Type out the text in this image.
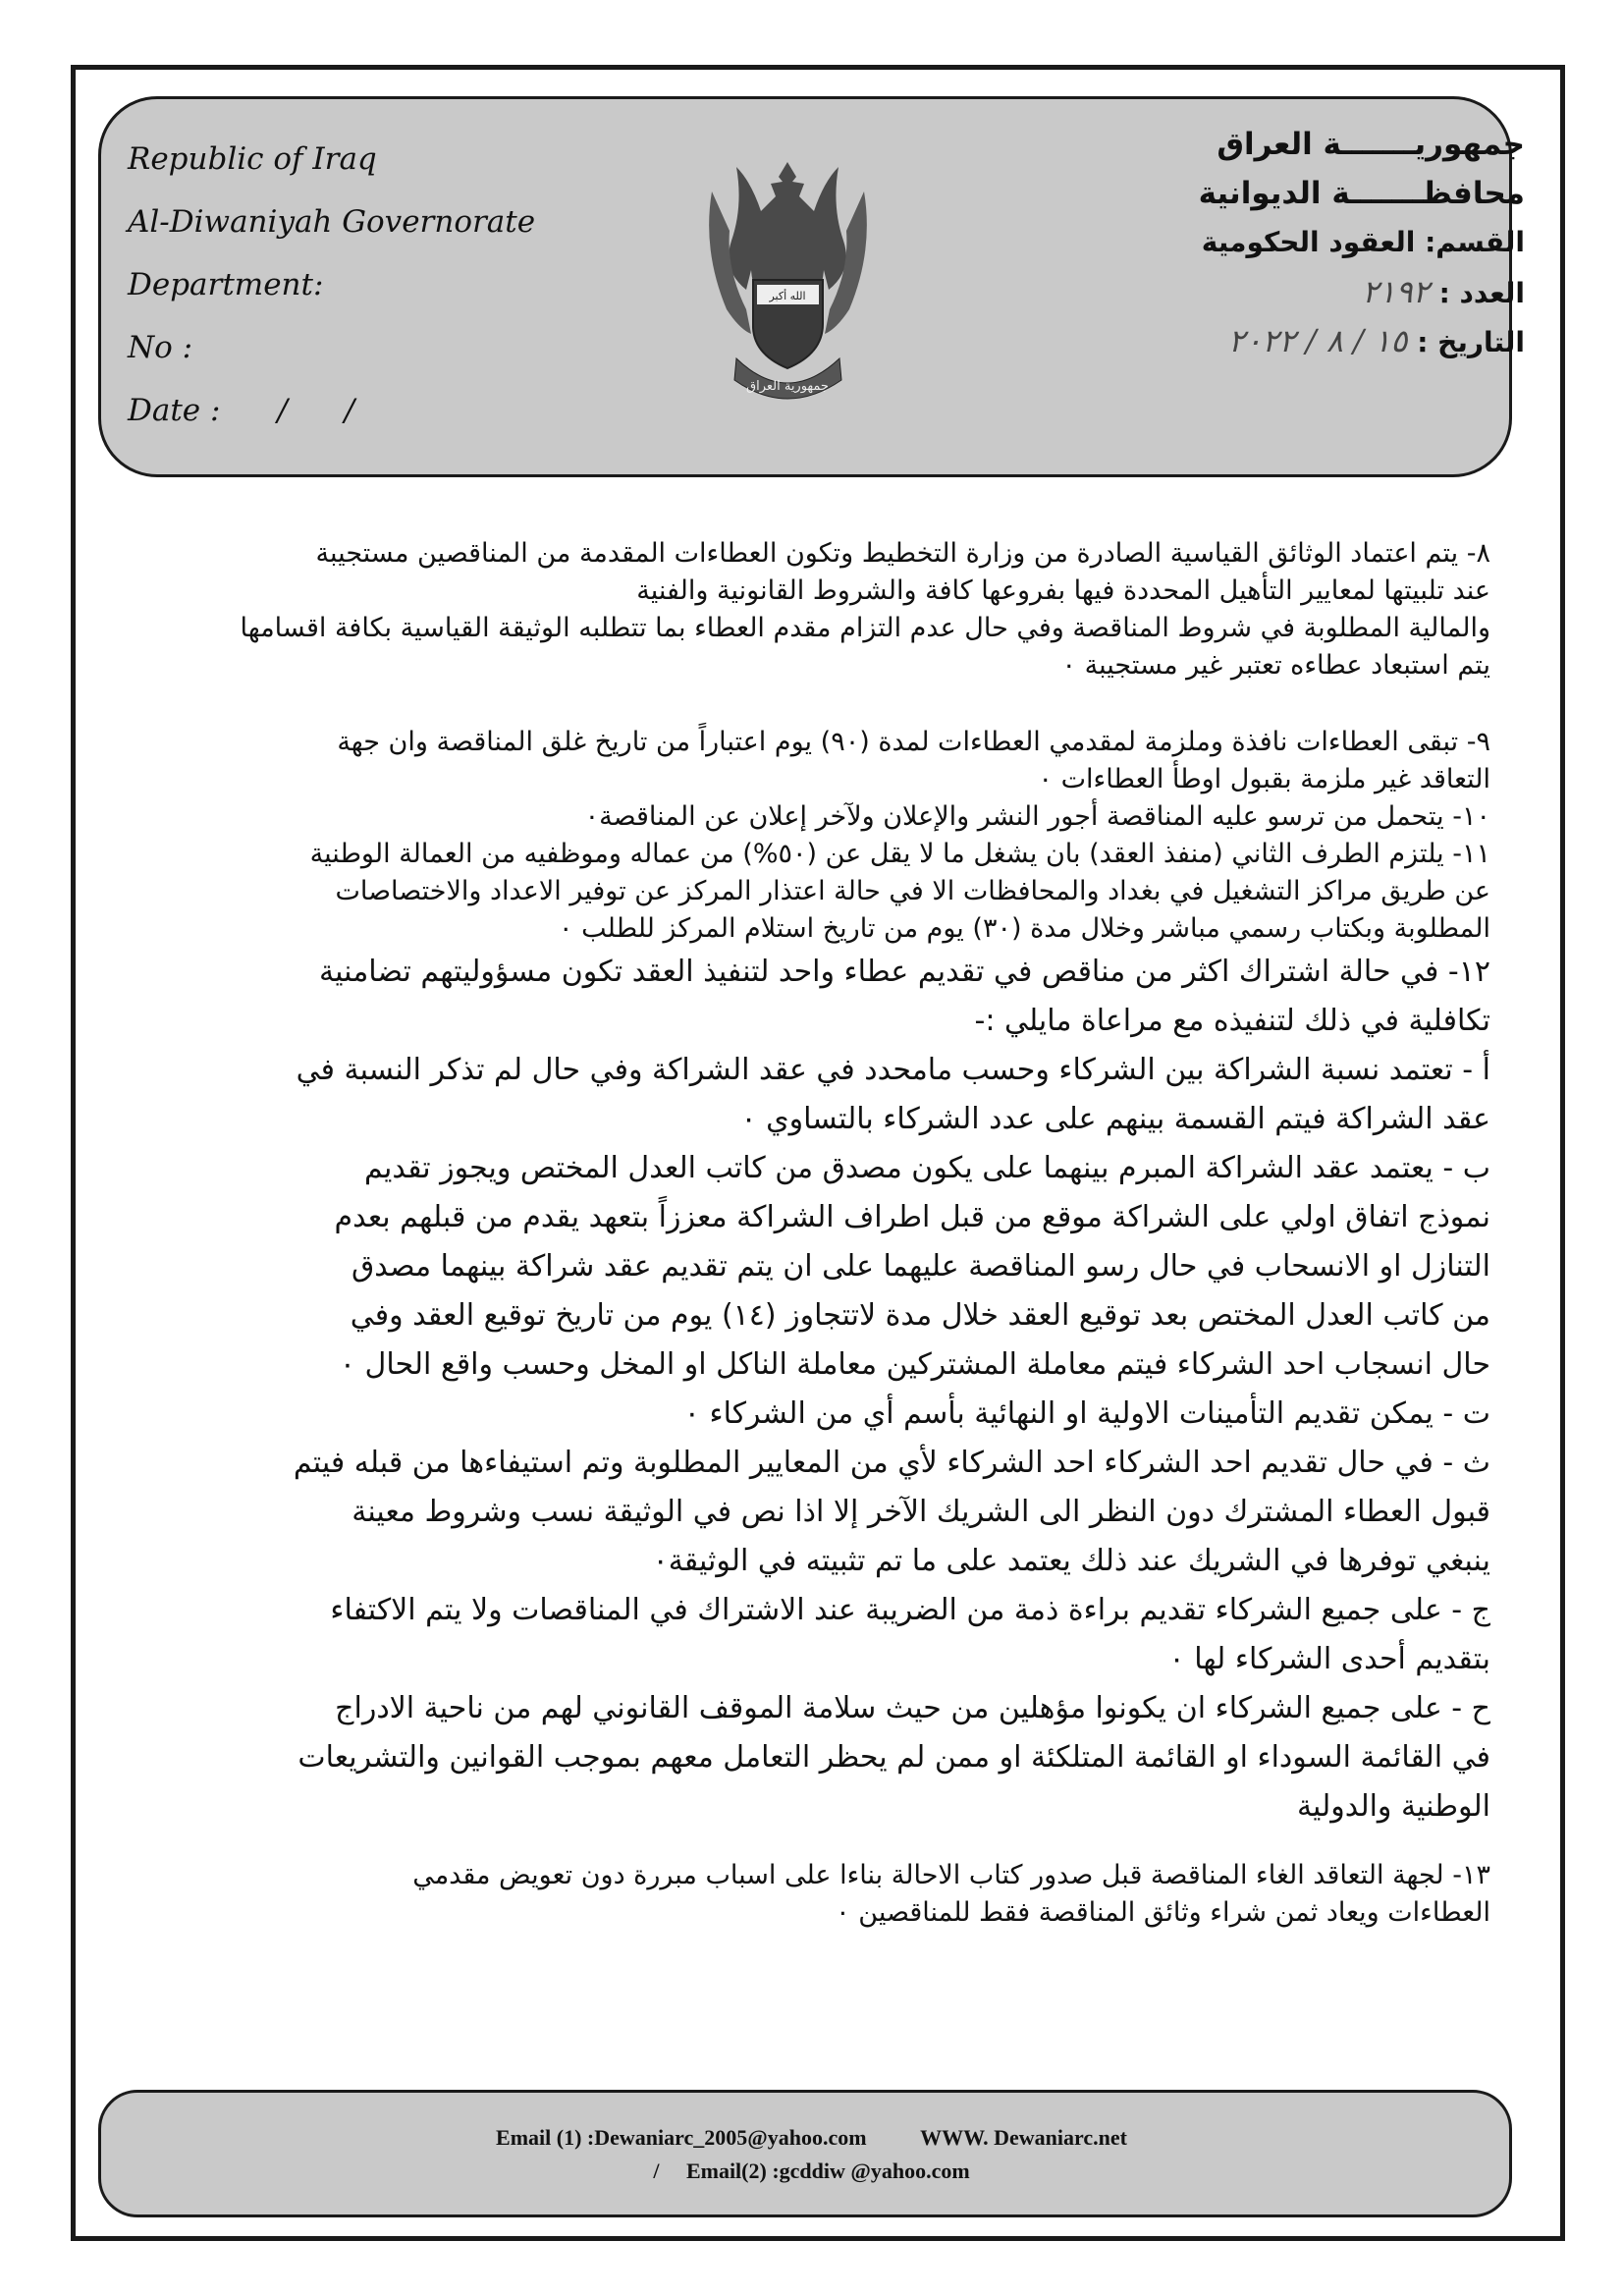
Republic of Iraq
Al-Diwaniyah Governorate
Department:
No :
Date : / /
الله أكبر
جمهورية العراق
جمهوريـــــــة العراق
محافظـــــــة الديوانية
القسم: العقود الحكومية
العدد : ٢١٩٢
التاريخ : ١٥ / ٨ / ٢٠٢٢
٨- يتم اعتماد الوثائق القياسية الصادرة من وزارة التخطيط وتكون العطاءات المقدمة من المناقصين مستجيبة
عند تلبيتها لمعايير التأهيل المحددة فيها بفروعها كافة والشروط القانونية والفنية
والمالية المطلوبة في شروط المناقصة وفي حال عدم التزام مقدم العطاء بما تتطلبه الوثيقة القياسية بكافة اقسامها
يتم استبعاد عطاءه تعتبر غير مستجيبة ٠
٩- تبقى العطاءات نافذة وملزمة لمقدمي العطاءات لمدة (٩٠) يوم اعتباراً من تاريخ غلق المناقصة وان جهة
التعاقد غير ملزمة بقبول اوطأ العطاءات ٠
١٠- يتحمل من ترسو عليه المناقصة أجور النشر والإعلان ولآخر إعلان عن المناقصة٠
١١- يلتزم الطرف الثاني (منفذ العقد) بان يشغل ما لا يقل عن (٥٠%) من عماله وموظفيه من العمالة الوطنية
عن طريق مراكز التشغيل في بغداد والمحافظات الا في حالة اعتذار المركز عن توفير الاعداد والاختصاصات
المطلوبة وبكتاب رسمي مباشر وخلال مدة (٣٠) يوم من تاريخ استلام المركز للطلب ٠
١٢- في حالة اشتراك اكثر من مناقص في تقديم عطاء واحد لتنفيذ العقد تكون مسؤوليتهم تضامنية
تكافلية في ذلك لتنفيذه مع مراعاة مايلي :-
أ - تعتمد نسبة الشراكة بين الشركاء وحسب مامحدد في عقد الشراكة وفي حال لم تذكر النسبة في
عقد الشراكة فيتم القسمة بينهم على عدد الشركاء بالتساوي ٠
ب - يعتمد عقد الشراكة المبرم بينهما على يكون مصدق من كاتب العدل المختص ويجوز تقديم
نموذج اتفاق اولي على الشراكة موقع من قبل اطراف الشراكة معززاً بتعهد يقدم من قبلهم بعدم
التنازل او الانسحاب في حال رسو المناقصة عليهما على ان يتم تقديم عقد شراكة بينهما مصدق
من كاتب العدل المختص بعد توقيع العقد خلال مدة لاتتجاوز (١٤) يوم من تاريخ توقيع العقد وفي
حال انسجاب احد الشركاء فيتم معاملة المشتركين معاملة الناكل او المخل وحسب واقع الحال ٠
ت - يمكن تقديم التأمينات الاولية او النهائية بأسم أي من الشركاء ٠
ث - في حال تقديم احد الشركاء احد الشركاء لأي من المعايير المطلوبة وتم استيفاءها من قبله فيتم
قبول العطاء المشترك دون النظر الى الشريك الآخر إلا اذا نص في الوثيقة نسب وشروط معينة
ينبغي توفرها في الشريك عند ذلك يعتمد على ما تم تثبيته في الوثيقة٠
ج - على جميع الشركاء تقديم براءة ذمة من الضريبة عند الاشتراك في المناقصات ولا يتم الاكتفاء
بتقديم أحدى الشركاء لها ٠
ح - على جميع الشركاء ان يكونوا مؤهلين من حيث سلامة الموقف القانوني لهم من ناحية الادراج
في القائمة السوداء او القائمة المتلكئة او ممن لم يحظر التعامل معهم بموجب القوانين والتشريعات
الوطنية والدولية
١٣- لجهة التعاقد الغاء المناقصة قبل صدور كتاب الاحالة بناءا على اسباب مبررة دون تعويض مقدمي
العطاءات ويعاد ثمن شراء وثائق المناقصة فقط للمناقصين ٠
Email (1) :Dewaniarc_2005@yahoo.com WWW. Dewaniarc.net
/ Email(2) :gcddiw @yahoo.com
